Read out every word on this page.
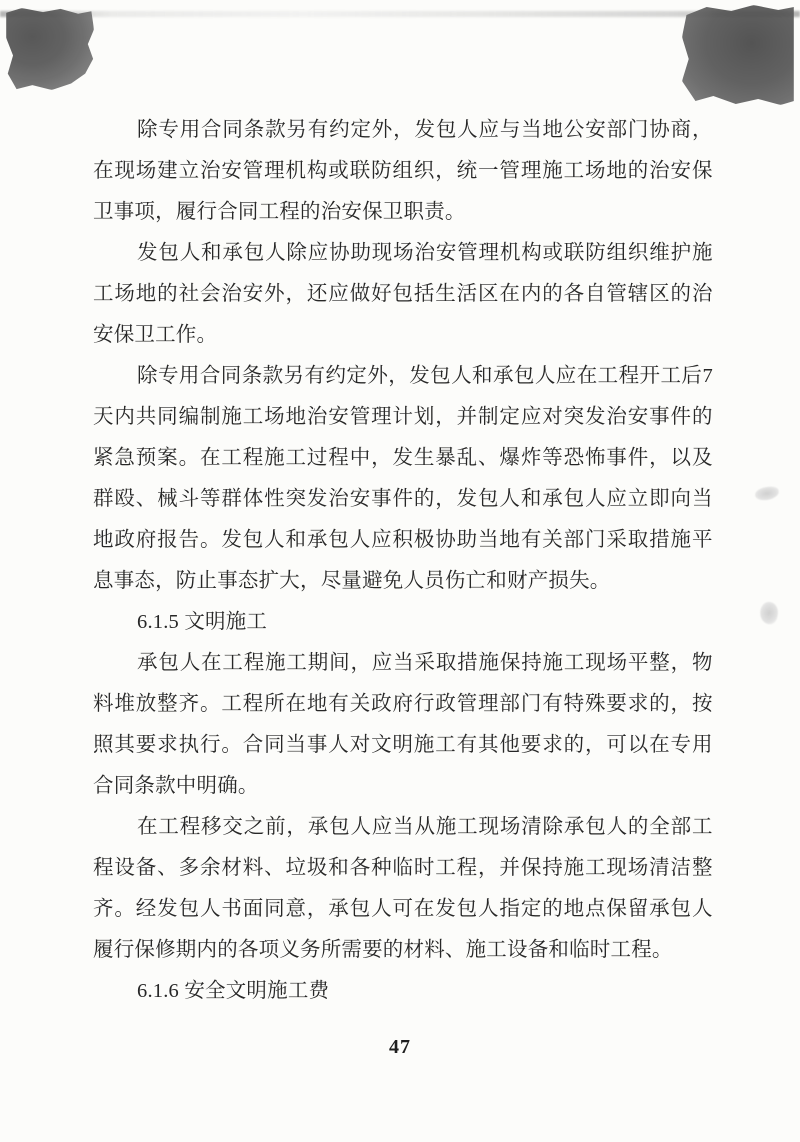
除 专 用 合 同 条 款 另 有 约 定 外 ， 发 包 人 应 与 当 地 公 安 部 门 协 商 ，
在 现 场 建 立 治 安 管 理 机 构 或 联 防 组 织 ， 统 一 管 理 施 工 场 地 的 治 安 保
卫事项，履行合同工程的治安保卫职责。
发 包 人 和 承 包 人 除 应 协 助 现 场 治 安 管 理 机 构 或 联 防 组 织 维 护 施
工 场 地 的 社 会 治 安 外 ， 还 应 做 好 包 括 生 活 区 在 内 的 各 自 管 辖 区 的 治
安保卫工作。
除 专 用 合 同 条 款 另 有 约 定 外 ， 发 包 人 和 承 包 人 应 在 工 程 开 工 后 7
天 内 共 同 编 制 施 工 场 地 治 安 管 理 计 划 ， 并 制 定 应 对 突 发 治 安 事 件 的
紧 急 预 案 。 在 工 程 施 工 过 程 中 ， 发 生 暴 乱 、 爆 炸 等 恐 怖 事 件 ， 以 及
群 殴 、 械 斗 等 群 体 性 突 发 治 安 事 件 的 ， 发 包 人 和 承 包 人 应 立 即 向 当
地 政 府 报 告 。 发 包 人 和 承 包 人 应 积 极 协 助 当 地 有 关 部 门 采 取 措 施 平
息事态，防止事态扩大，尽量避免人员伤亡和财产损失。
6.1.5 文明施工
承 包 人 在 工 程 施 工 期 间 ， 应 当 采 取 措 施 保 持 施 工 现 场 平 整 ， 物
料 堆 放 整 齐 。 工 程 所 在 地 有 关 政 府 行 政 管 理 部 门 有 特 殊 要 求 的 ， 按
照 其 要 求 执 行 。 合 同 当 事 人 对 文 明 施 工 有 其 他 要 求 的 ， 可 以 在 专 用
合同条款中明确。
在 工 程 移 交 之 前 ， 承 包 人 应 当 从 施 工 现 场 清 除 承 包 人 的 全 部 工
程 设 备 、 多 余 材 料 、 垃 圾 和 各 种 临 时 工 程 ， 并 保 持 施 工 现 场 清 洁 整
齐 。 经 发 包 人 书 面 同 意 ， 承 包 人 可 在 发 包 人 指 定 的 地 点 保 留 承 包 人
履行保修期内的各项义务所需要的材料、施工设备和临时工程。
6.1.6 安全文明施工费
47
